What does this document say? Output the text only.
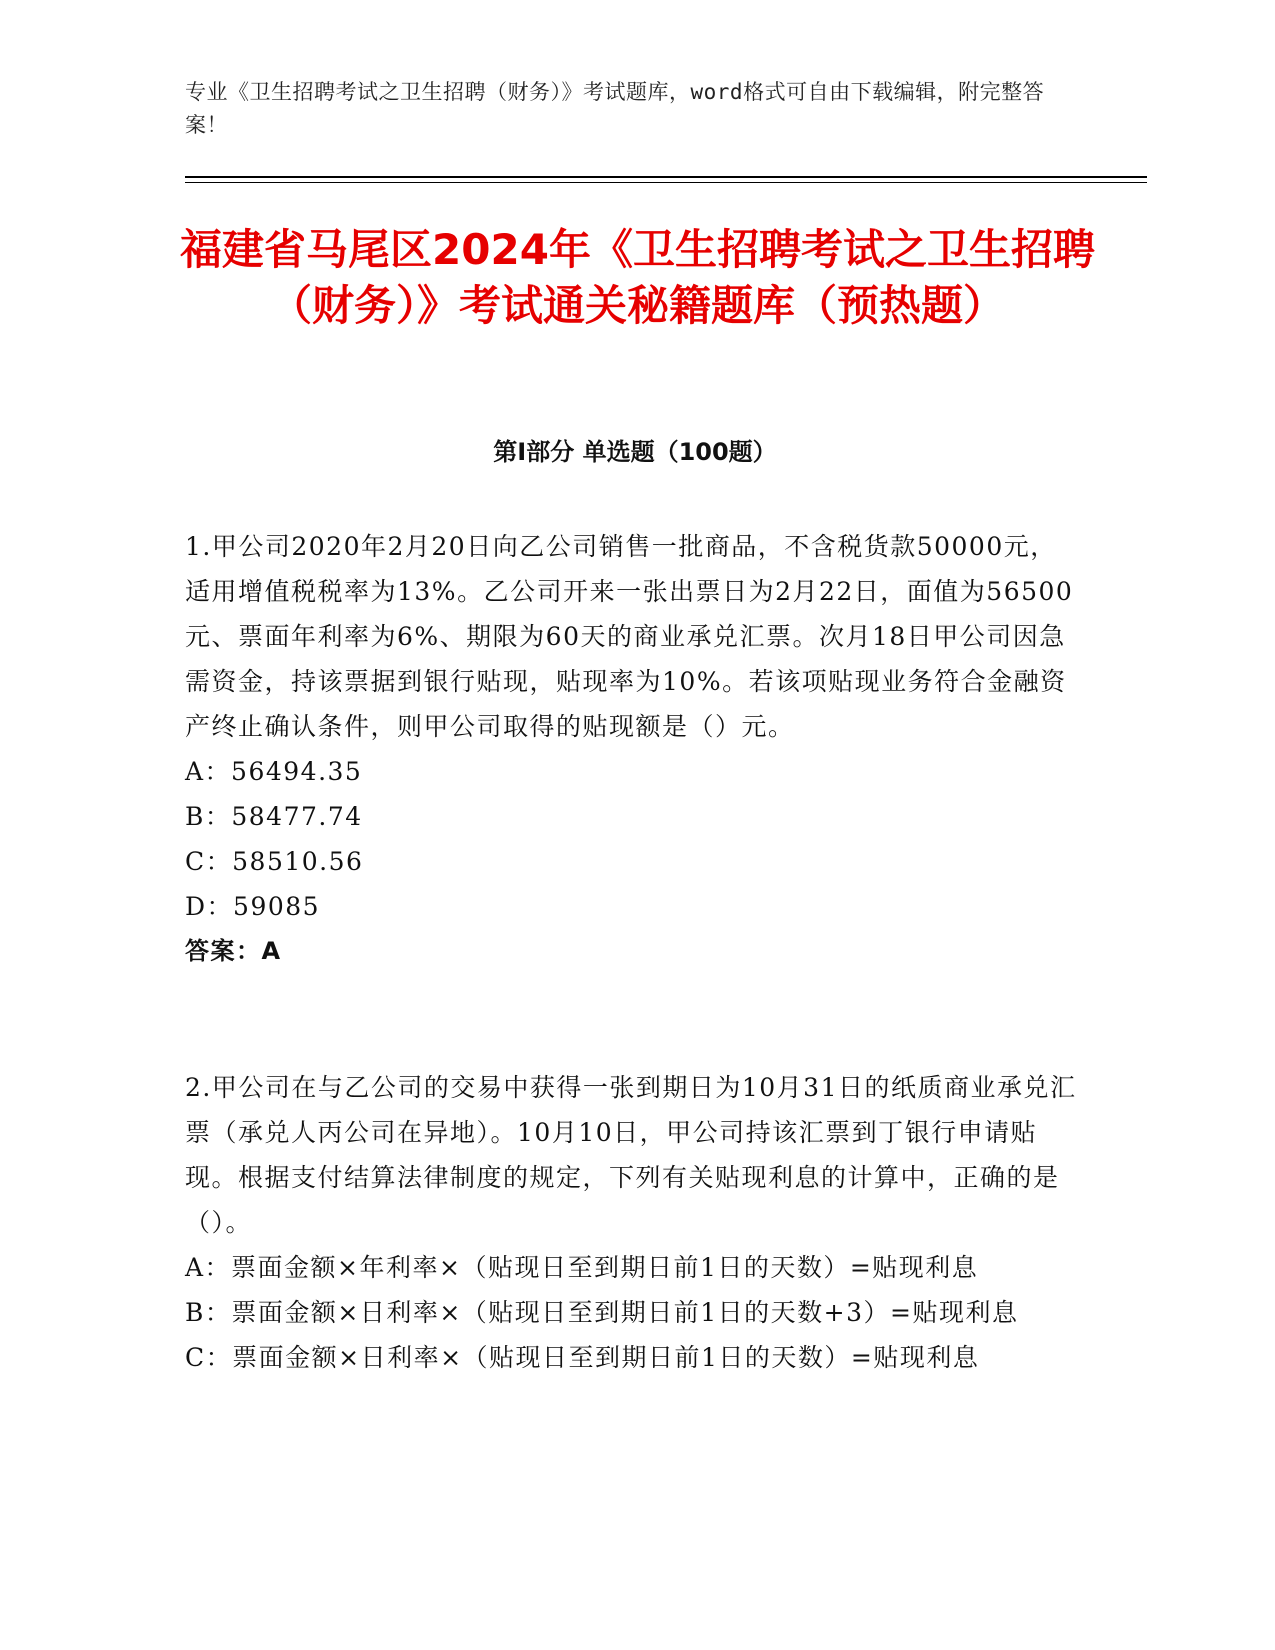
专业《卫生招聘考试之卫生招聘（财务）》考试题库，word格式可自由下载编辑，附完整答案！
福建省马尾区2024年《卫生招聘考试之卫生招聘（财务）》考试通关秘籍题库（预热题）
第Ⅰ部分 单选题（100题）

1.甲公司2020年2月20日向乙公司销售一批商品，不含税货款50000元，适用增值税税率为13%。乙公司开来一张出票日为2月22日，面值为56500元、票面年利率为6%、期限为60天的商业承兑汇票。次月18日甲公司因急需资金，持该票据到银行贴现，贴现率为10%。若该项贴现业务符合金融资产终止确认条件，则甲公司取得的贴现额是（）元。

A：56494.35

B：58477.74

C：58510.56

D：59085

答案：A

2.甲公司在与乙公司的交易中获得一张到期日为10月31日的纸质商业承兑汇票（承兑人丙公司在异地）。10月10日，甲公司持该汇票到丁银行申请贴现。根据支付结算法律制度的规定，下列有关贴现利息的计算中，正确的是（）。

A：票面金额×年利率×（贴现日至到期日前1日的天数）=贴现利息

B：票面金额×日利率×（贴现日至到期日前1日的天数+3）=贴现利息

C：票面金额×日利率×（贴现日至到期日前1日的天数）=贴现利息
